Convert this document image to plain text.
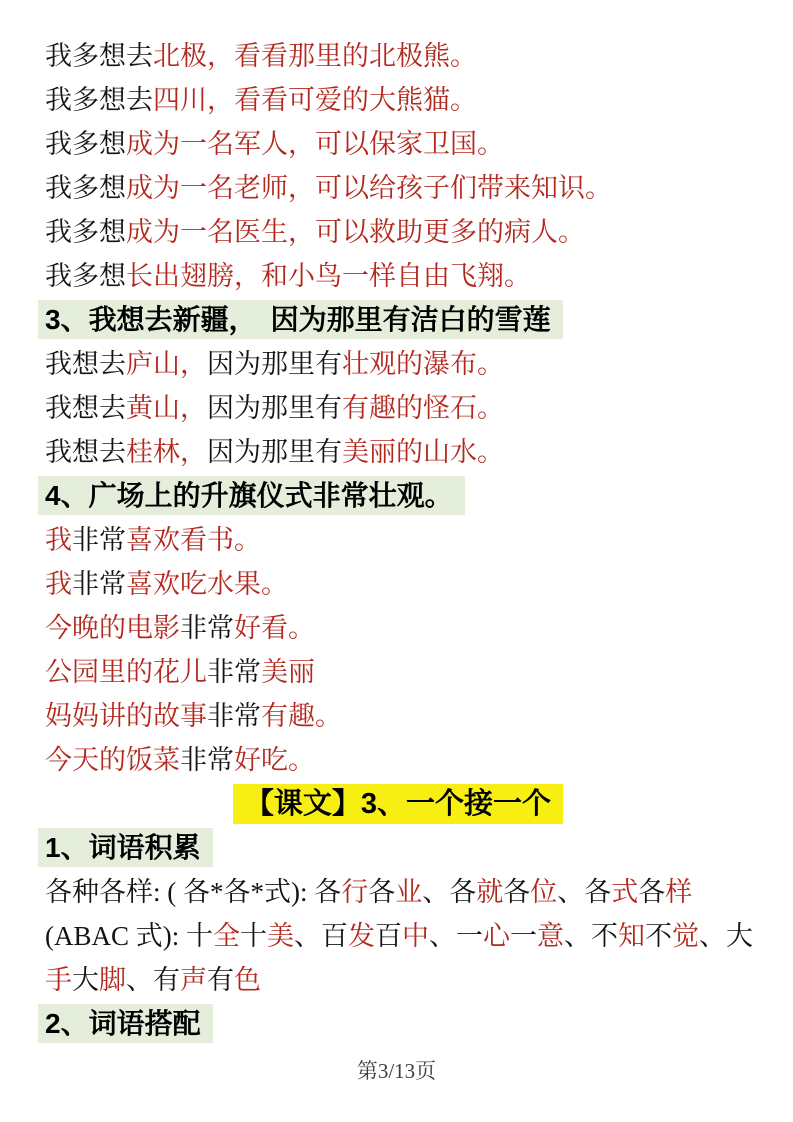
我多想去北极，看看那里的北极熊。

我多想去四川，看看可爱的大熊猫。

我多想成为一名军人，可以保家卫国。

我多想成为一名老师，可以给孩子们带来知识。

我多想成为一名医生，可以救助更多的病人。

我多想长出翅膀，和小鸟一样自由飞翔。

3、我想去新疆，　因为那里有洁白的雪莲

我想去庐山，因为那里有壮观的瀑布。

我想去黄山，因为那里有有趣的怪石。

我想去桂林，因为那里有美丽的山水。

4、广场上的升旗仪式非常壮观。

我非常喜欢看书。

我非常喜欢吃水果。

今晚的电影非常好看。

公园里的花儿非常美丽

妈妈讲的故事非常有趣。

今天的饭菜非常好吃。

【课文】3、一个接一个

1、词语积累

各种各样: ( 各*各*式): 各行各业、各就各位、各式各样

(ABAC 式): 十全十美、百发百中、一心一意、不知不觉、大

手大脚、有声有色

2、词语搭配

第3/13页
